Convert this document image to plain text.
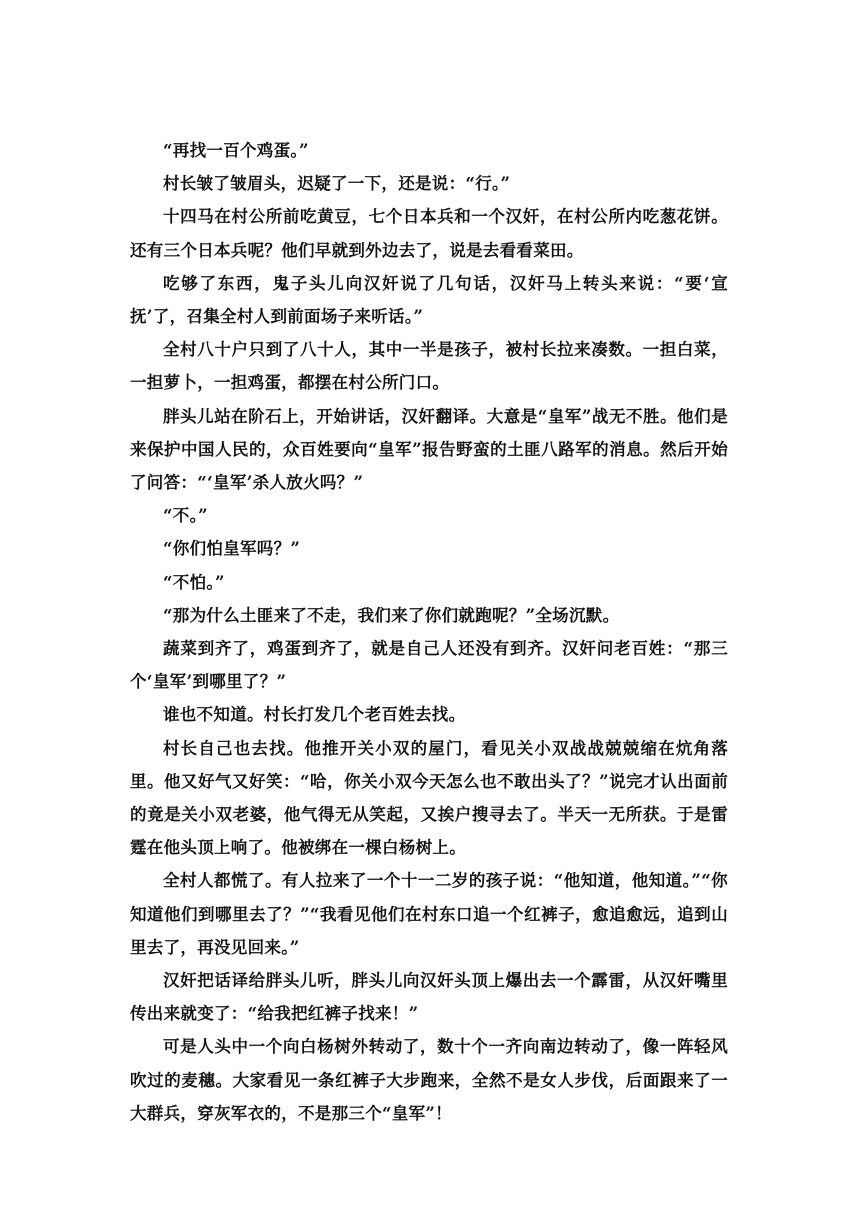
“再找一百个鸡蛋。”

村长皱了皱眉头，迟疑了一下，还是说：“行。”

十四马在村公所前吃黄豆，七个日本兵和一个汉奸，在村公所内吃葱花饼。还有三个日本兵呢？他们早就到外边去了，说是去看看菜田。

吃够了东西，鬼子头儿向汉奸说了几句话，汉奸马上转头来说：“要‘宣抚’了，召集全村人到前面场子来听话。”

全村八十户只到了八十人，其中一半是孩子，被村长拉来凑数。一担白菜，一担萝卜，一担鸡蛋，都摆在村公所门口。

胖头儿站在阶石上，开始讲话，汉奸翻译。大意是“皇军”战无不胜。他们是来保护中国人民的，众百姓要向“皇军”报告野蛮的土匪八路军的消息。然后开始了问答：“‘皇军’杀人放火吗？”

“不。”

“你们怕皇军吗？”

“不怕。”

“那为什么土匪来了不走，我们来了你们就跑呢？”全场沉默。

蔬菜到齐了，鸡蛋到齐了，就是自己人还没有到齐。汉奸问老百姓：“那三个‘皇军’到哪里了？”

谁也不知道。村长打发几个老百姓去找。

村长自己也去找。他推开关小双的屋门，看见关小双战战兢兢缩在炕角落里。他又好气又好笑：“哈，你关小双今天怎么也不敢出头了？”说完才认出面前的竟是关小双老婆，他气得无从笑起，又挨户搜寻去了。半天一无所获。于是雷霆在他头顶上响了。他被绑在一棵白杨树上。

全村人都慌了。有人拉来了一个十一二岁的孩子说：“他知道，他知道。”“你知道他们到哪里去了？”“我看见他们在村东口追一个红裤子，愈追愈远，追到山里去了，再没见回来。”

汉奸把话译给胖头儿听，胖头儿向汉奸头顶上爆出去一个霹雷，从汉奸嘴里传出来就变了：“给我把红裤子找来！”

可是人头中一个向白杨树外转动了，数十个一齐向南边转动了，像一阵轻风吹过的麦穗。大家看见一条红裤子大步跑来，全然不是女人步伐，后面跟来了一大群兵，穿灰军衣的，不是那三个“皇军”！
